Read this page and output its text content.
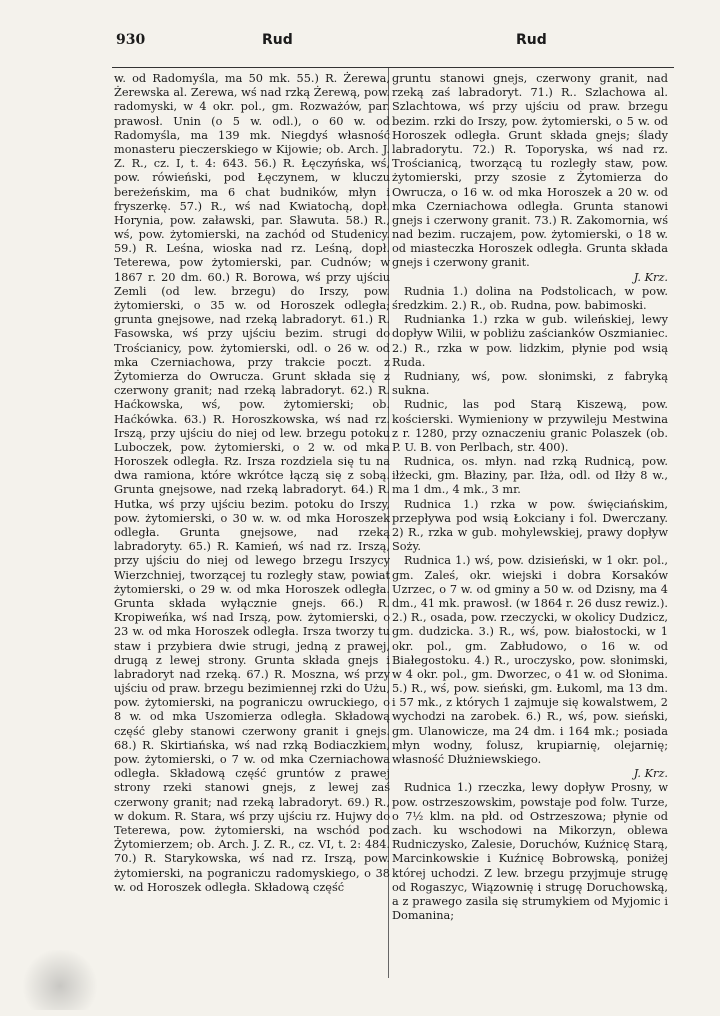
930	Rud	Rud

w. od Radomyśla, ma 50 mk. 55.) R. Żerewa, Żerewska al. Zerewa, wś nad rzką Żerewą, pow. radomyski, w 4 okr. pol., gm. Rozważów, par. prawosł. Unin (o 5 w. odl.), o 60 w. od Radomyśla, ma 139 mk. Niegdyś własność monasteru pieczerskiego w Kijowie; ob. Arch. J. Z. R., cz. I, t. 4: 643. 56.) R. Łęczyńska, wś, pow. rówieński, pod Łęczynem, w kluczu bereżeńskim, ma 6 chat budników, młyn i fryszerkę. 57.) R., wś nad Kwiatochą, dopł. Horynia, pow. załawski, par. Sławuta. 58.) R., wś, pow. żytomierski, na zachód od Studenicy. 59.) R. Leśna, wioska nad rz. Leśną, dopł. Teterewa, pow żytomierski, par. Cudnów; w 1867 r. 20 dm. 60.) R. Borowa, wś przy ujściu Zemli (od lew. brzegu) do Irszy, pow. żytomierski, o 35 w. od Horoszek odległa; grunta gnejsowe, nad rzeką labradoryt. 61.) R. Fasowska, wś przy ujściu bezim. strugi do Trościanicy, pow. żytomierski, odl. o 26 w. od mka Czerniachowa, przy trakcie poczt. z Żytomierza do Owrucza. Grunt składa się z czerwony granit; nad rzeką labradoryt. 62.) R. Haćkowska, wś, pow. żytomierski; ob. Haćkówka. 63.) R. Horoszkowska, wś nad rz. Irszą, przy ujściu do niej od lew. brzegu potoku Luboczek, pow. żytomierski, o 2 w. od mka Horoszek odległa. Rz. Irsza rozdziela się tu na dwa ramiona, które wkrótce łączą się z sobą. Grunta gnejsowe, nad rzeką labradoryt. 64.) R. Hutka, wś przy ujściu bezim. potoku do Irszy, pow. żytomierski, o 30 w. w. od mka Horoszek odległa. Grunta gnejsowe, nad rzeką labradoryty. 65.) R. Kamień, wś nad rz. Irszą, przy ujściu do niej od lewego brzegu Irszycy Wierzchniej, tworzącej tu rozległy staw, powiat żytomierski, o 29 w. od mka Horoszek odległa. Grunta składa wyłącznie gnejs. 66.) R. Kropiweńka, wś nad Irszą, pow. żytomierski, o 23 w. od mka Horoszek odległa. Irsza tworzy tu staw i przybiera dwie strugi, jedną z prawej, drugą z lewej strony. Grunta składa gnejs i labradoryt nad rzeką. 67.) R. Moszna, wś przy ujściu od praw. brzegu bezimiennej rzki do Użu, pow. żytomierski, na pograniczu owruckiego, o 8 w. od mka Uszomierza odległa. Składową część gleby stanowi czerwony granit i gnejs. 68.) R. Skirtiańska, wś nad rzką Bodiaczkiem, pow. żytomierski, o 7 w. od mka Czerniachowa odległa. Składową część gruntów z prawej strony rzeki stanowi gnejs, z lewej zaś czerwony granit; nad rzeką labradoryt. 69.) R., w dokum. R. Stara, wś przy ujściu rz. Hujwy do Teterewa, pow. żytomierski, na wschód pod Żytomierzem; ob. Arch. J. Z. R., cz. VI, t. 2: 484. 70.) R. Starykowska, wś nad rz. Irszą, pow. żytomierski, na pograniczu radomyskiego, o 38 w. od Horoszek odległa. Składową część

gruntu stanowi gnejs, czerwony granit, nad rzeką zaś labradoryt. 71.) R.. Szlachowa al. Szlachtowa, wś przy ujściu od praw. brzegu bezim. rzki do Irszy, pow. żytomierski, o 5 w. od Horoszek odległa. Grunt składa gnejs; ślady labradorytu. 72.) R. Toporyska, wś nad rz. Trościanicą, tworzącą tu rozległy staw, pow. żytomierski, przy szosie z Żytomierza do Owrucza, o 16 w. od mka Horoszek a 20 w. od mka Czerniachowa odległa. Grunta stanowi gnejs i czerwony granit. 73.) R. Zakomornia, wś nad bezim. ruczajem, pow. żytomierski, o 18 w. od miasteczka Horoszek odległa. Grunta składa gnejs i czerwony granit.

J. Krz.

Rudnia 1.) dolina na Podstolicach, w pow. średzkim. 2.) R., ob. Rudna, pow. babimoski.

Rudnianka 1.) rzka w gub. wileńskiej, lewy dopływ Wilii, w pobliżu zaścianków Oszmianiec. 2.) R., rzka w pow. lidzkim, płynie pod wsią Ruda.

Rudniany, wś, pow. słonimski, z fabryką sukna.

Rudnic, las pod Starą Kiszewą, pow. kościerski. Wymieniony w przywileju Mestwina z r. 1280, przy oznaczeniu granic Polaszek (ob. P. U. B. von Perlbach, str. 400).

Rudnica, os. młyn. nad rzką Rudnicą, pow. iłżecki, gm. Błaziny, par. Iłża, odl. od Iłży 8 w., ma 1 dm., 4 mk., 3 mr.

Rudnica 1.) rzka w pow. święciańskim, przepływa pod wsią Łokciany i fol. Dwerczany. 2) R., rzka w gub. mohylewskiej, prawy dopływ Soży.

Rudnica 1.) wś, pow. dzisieński, w 1 okr. pol., gm. Zaleś, okr. wiejski i dobra Korsaków Uzrzec, o 7 w. od gminy a 50 w. od Dzisny, ma 4 dm., 41 mk. prawosł. (w 1864 r. 26 dusz rewiz.). 2.) R., osada, pow. rzeczycki, w okolicy Dudzicz, gm. dudzicka. 3.) R., wś, pow. białostocki, w 1 okr. pol., gm. Zabłudowo, o 16 w. od Białegostoku. 4.) R., uroczysko, pow. słonimski, w 4 okr. pol., gm. Dworzec, o 41 w. od Słonima. 5.) R., wś, pow. sieński, gm. Łukoml, ma 13 dm. i 57 mk., z których 1 zajmuje się kowalstwem, 2 wychodzi na zarobek. 6.) R., wś, pow. sieński, gm. Ulanowicze, ma 24 dm. i 164 mk.; posiada młyn wodny, folusz, krupiarnię, olejarnię; własność Dłużniewskiego.

J. Krz.

Rudnica 1.) rzeczka, lewy dopływ Prosny, w pow. ostrzeszowskim, powstaje pod folw. Turze, o 7½ klm. na płd. od Ostrzeszowa; płynie od zach. ku wschodowi na Mikorzyn, oblewa Rudniczysko, Zalesie, Doruchów, Kuźnicę Starą, Marcinkowskie i Kuźnicę Bobrowską, poniżej której uchodzi. Z lew. brzegu przyjmuje strugę od Rogaszyc, Wiązownię i strugę Doruchowską, a z prawego zasila się strumykiem od Myjomic i Domanina;
